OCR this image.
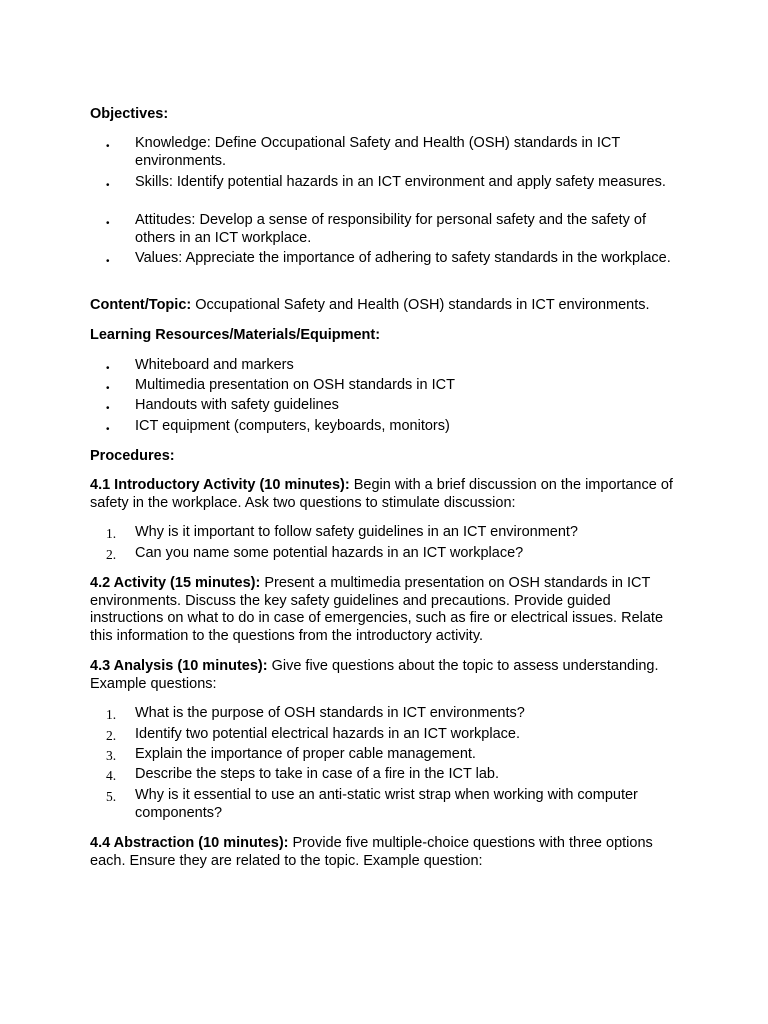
Objectives:

• Knowledge: Define Occupational Safety and Health (OSH) standards in ICT environments.

• Skills: Identify potential hazards in an ICT environment and apply safety measures.

• Attitudes: Develop a sense of responsibility for personal safety and the safety of others in an ICT workplace.

• Values: Appreciate the importance of adhering to safety standards in the workplace.

Content/Topic: Occupational Safety and Health (OSH) standards in ICT environments.

Learning Resources/Materials/Equipment:

• Whiteboard and markers

• Multimedia presentation on OSH standards in ICT

• Handouts with safety guidelines

• ICT equipment (computers, keyboards, monitors)

Procedures:

4.1 Introductory Activity (10 minutes): Begin with a brief discussion on the importance of safety in the workplace. Ask two questions to stimulate discussion:

1. Why is it important to follow safety guidelines in an ICT environment?

2. Can you name some potential hazards in an ICT workplace?

4.2 Activity (15 minutes): Present a multimedia presentation on OSH standards in ICT environments. Discuss the key safety guidelines and precautions. Provide guided instructions on what to do in case of emergencies, such as fire or electrical issues. Relate this information to the questions from the introductory activity.

4.3 Analysis (10 minutes): Give five questions about the topic to assess understanding. Example questions:

1. What is the purpose of OSH standards in ICT environments?

2. Identify two potential electrical hazards in an ICT workplace.

3. Explain the importance of proper cable management.

4. Describe the steps to take in case of a fire in the ICT lab.

5. Why is it essential to use an anti-static wrist strap when working with computer components?

4.4 Abstraction (10 minutes): Provide five multiple-choice questions with three options each. Ensure they are related to the topic. Example question:
